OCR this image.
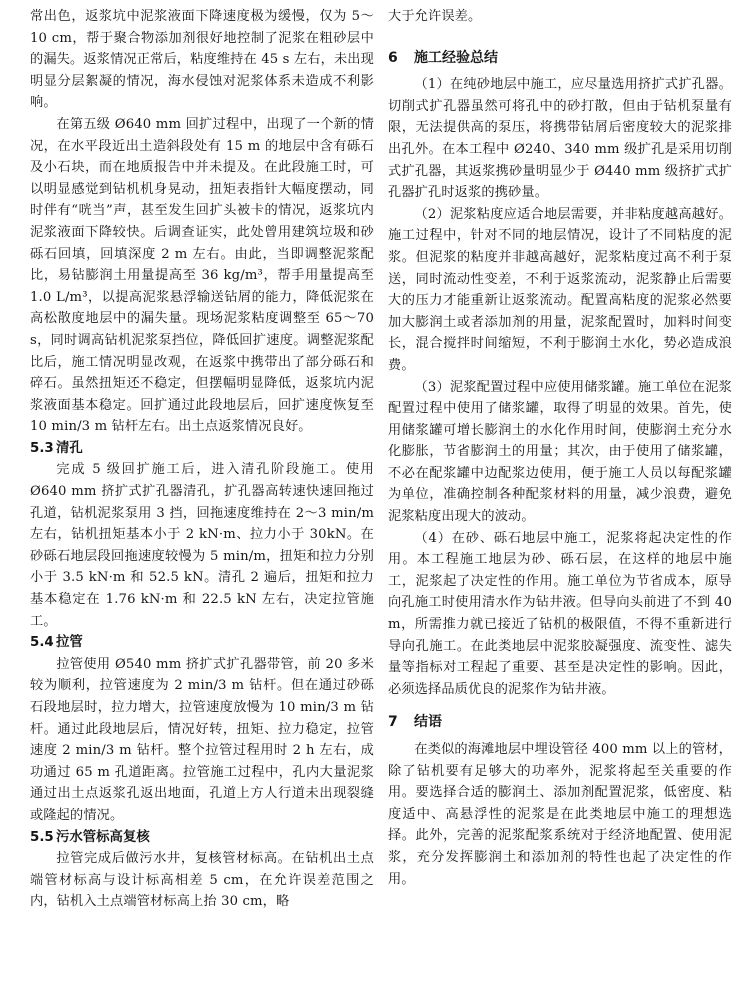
常出色，返浆坑中泥浆液面下降速度极为缓慢，仅为 5～10 cm，帮于聚合物添加剂很好地控制了泥浆在粗砂层中的漏失。返浆情况正常后，粘度维持在 45 s 左右，未出现明显分层絮凝的情况，海水侵蚀对泥浆体系未造成不利影响。

在第五级 Ø640 mm 回扩过程中，出现了一个新的情况，在水平段近出土造斜段处有 15 m 的地层中含有砾石及小石块，而在地质报告中并未提及。在此段施工时，可以明显感觉到钻机机身晃动，扭矩表指针大幅度摆动，同时伴有“咣当”声，甚至发生回扩头被卡的情况，返浆坑内泥浆液面下降较快。后调查证实，此处曾用建筑垃圾和砂砾石回填，回填深度 2 m 左右。由此，当即调整泥浆配比，易钻膨润土用量提高至 36 kg/m³，帮手用量提高至 1.0 L/m³，以提高泥浆悬浮输送钻屑的能力，降低泥浆在高松散度地层中的漏失量。现场泥浆粘度调整至 65～70 s，同时调高钻机泥浆泵挡位，降低回扩速度。调整泥浆配比后，施工情况明显改观，在返浆中携带出了部分砾石和碎石。虽然扭矩还不稳定，但摆幅明显降低，返浆坑内泥浆液面基本稳定。回扩通过此段地层后，回扩速度恢复至 10 min/3 m 钻杆左右。出土点返浆情况良好。

5.3 清孔

完成 5 级回扩施工后，进入清孔阶段施工。使用 Ø640 mm 挤扩式扩孔器清孔，扩孔器高转速快速回拖过孔道，钻机泥浆泵用 3 挡，回拖速度维持在 2～3 min/m 左右，钻机扭矩基本小于 2 kN·m、拉力小于 30kN。在砂砾石地层段回拖速度较慢为 5 min/m，扭矩和拉力分别小于 3.5 kN·m 和 52.5 kN。清孔 2 遍后，扭矩和拉力基本稳定在 1.76 kN·m 和 22.5 kN 左右，决定拉管施工。

5.4 拉管

拉管使用 Ø540 mm 挤扩式扩孔器带管，前 20 多米较为顺利，拉管速度为 2 min/3 m 钻杆。但在通过砂砾石段地层时，拉力增大，拉管速度放慢为 10 min/3 m 钻杆。通过此段地层后，情况好转，扭矩、拉力稳定，拉管速度 2 min/3 m 钻杆。整个拉管过程用时 2 h 左右，成功通过 65 m 孔道距离。拉管施工过程中，孔内大量泥浆通过出土点返浆孔返出地面，孔道上方人行道未出现裂缝或隆起的情况。

5.5 污水管标高复核

拉管完成后做污水井，复核管材标高。在钻机出土点端管材标高与设计标高相差 5 cm，在允许误差范围之内，钻机入土点端管材标高上抬 30 cm，略

大于允许误差。

6 施工经验总结

（1）在纯砂地层中施工，应尽量选用挤扩式扩孔器。切削式扩孔器虽然可将孔中的砂打散，但由于钻机泵量有限，无法提供高的泵压，将携带钻屑后密度较大的泥浆排出孔外。在本工程中 Ø240、340 mm 级扩孔是采用切削式扩孔器，其返浆携砂量明显少于 Ø440 mm 级挤扩式扩孔器扩孔时返浆的携砂量。

（2）泥浆粘度应适合地层需要，并非粘度越高越好。施工过程中，针对不同的地层情况，设计了不同粘度的泥浆。但泥浆的粘度并非越高越好，泥浆粘度过高不利于泵送，同时流动性变差，不利于返浆流动，泥浆静止后需要大的压力才能重新让返浆流动。配置高粘度的泥浆必然要加大膨润土或者添加剂的用量，泥浆配置时，加料时间变长，混合搅拌时间缩短，不利于膨润土水化，势必造成浪费。

（3）泥浆配置过程中应使用储浆罐。施工单位在泥浆配置过程中使用了储浆罐，取得了明显的效果。首先，使用储浆罐可增长膨润土的水化作用时间，使膨润土充分水化膨胀，节省膨润土的用量；其次，由于使用了储浆罐，不必在配浆罐中边配浆边使用，便于施工人员以每配浆罐为单位，准确控制各种配浆材料的用量，减少浪费，避免泥浆粘度出现大的波动。

（4）在砂、砾石地层中施工，泥浆将起决定性的作用。本工程施工地层为砂、砾石层，在这样的地层中施工，泥浆起了决定性的作用。施工单位为节省成本，原导向孔施工时使用清水作为钻井液。但导向头前进了不到 40 m，所需推力就已接近了钻机的极限值，不得不重新进行导向孔施工。在此类地层中泥浆胶凝强度、流变性、滤失量等指标对工程起了重要、甚至是决定性的影响。因此，必须选择品质优良的泥浆作为钻井液。

7 结语

在类似的海滩地层中埋设管径 400 mm 以上的管材，除了钻机要有足够大的功率外，泥浆将起至关重要的作用。要选择合适的膨润土、添加剂配置泥浆，低密度、粘度适中、高悬浮性的泥浆是在此类地层中施工的理想选择。此外，完善的泥浆配浆系统对于经济地配置、使用泥浆，充分发挥膨润土和添加剂的特性也起了决定性的作用。
